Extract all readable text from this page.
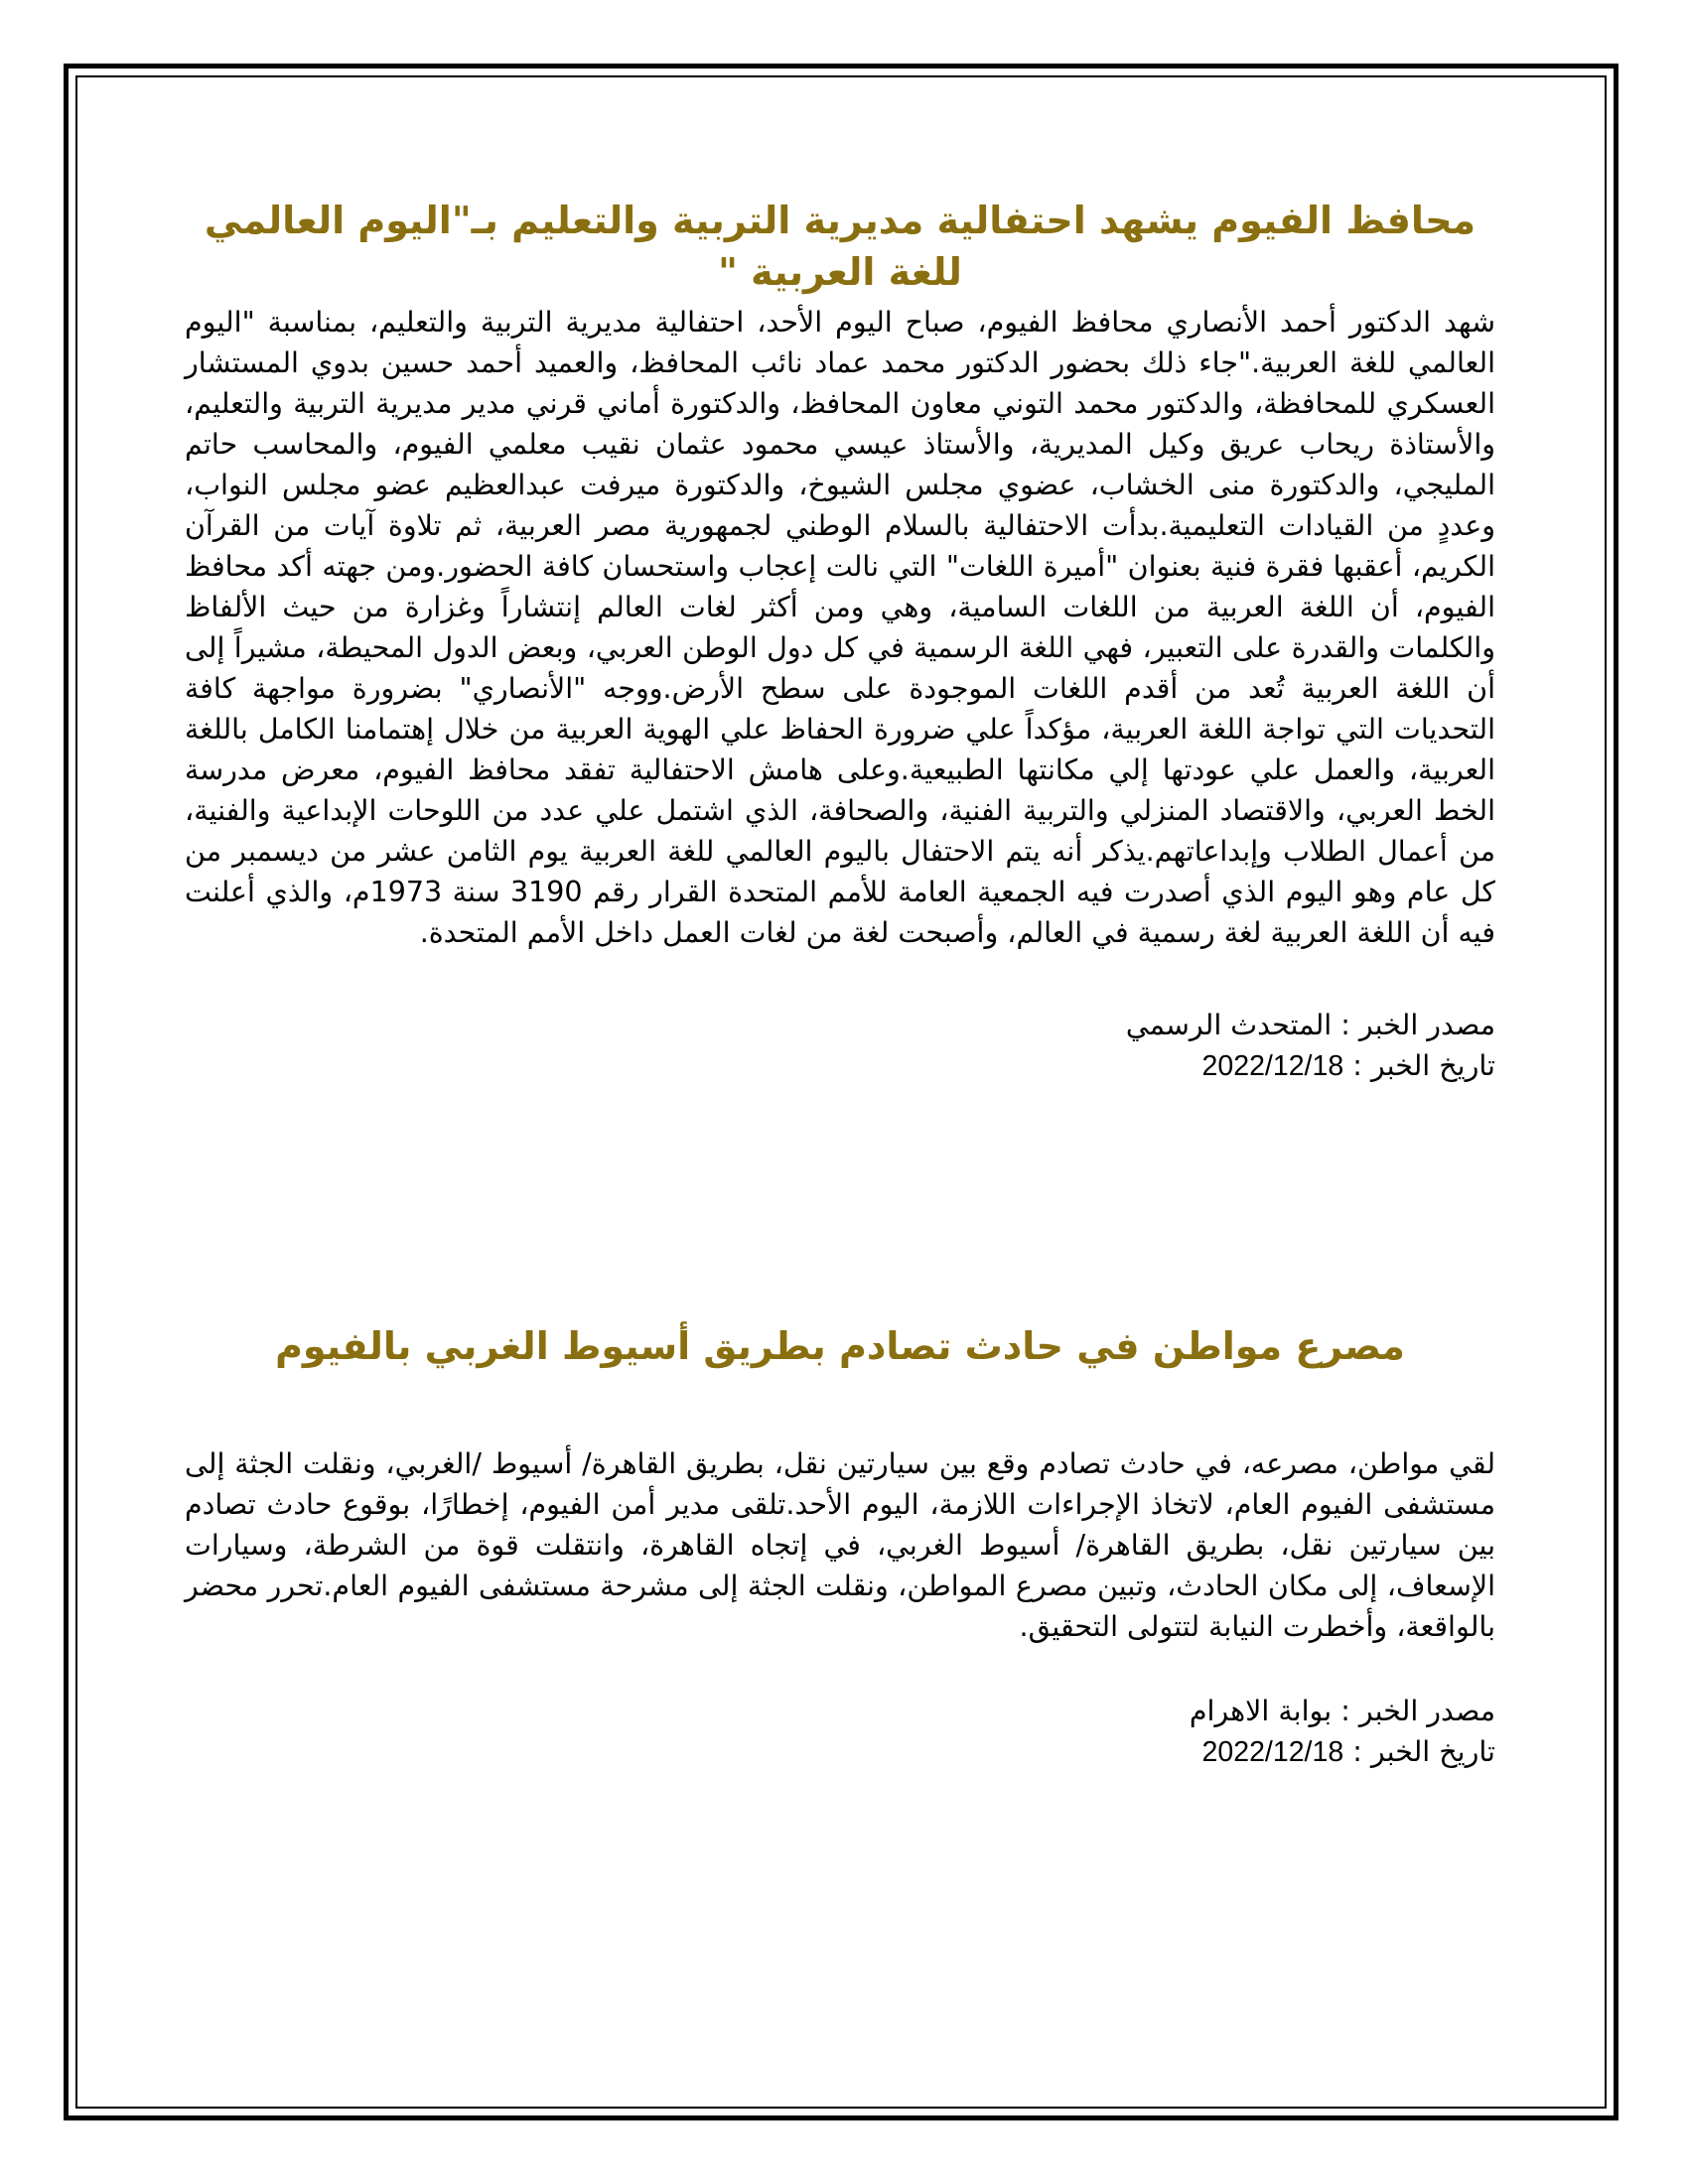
محافظ الفيوم يشهد احتفالية مديرية التربية والتعليم بـ"اليوم العالمي للغة العربية "

شهد الدكتور أحمد الأنصاري محافظ الفيوم، صباح اليوم الأحد، احتفالية مديرية التربية والتعليم، بمناسبة "اليوم العالمي للغة العربية."جاء ذلك بحضور الدكتور محمد عماد نائب المحافظ، والعميد أحمد حسين بدوي المستشار العسكري للمحافظة، والدكتور محمد التوني معاون المحافظ، والدكتورة أماني قرني مدير مديرية التربية والتعليم، والأستاذة ريحاب عريق وكيل المديرية، والأستاذ عيسي محمود عثمان نقيب معلمي الفيوم، والمحاسب حاتم المليجي، والدكتورة منى الخشاب، عضوي مجلس الشيوخ، والدكتورة ميرفت عبدالعظيم عضو مجلس النواب، وعددٍ من القيادات التعليمية.بدأت الاحتفالية بالسلام الوطني لجمهورية مصر العربية، ثم تلاوة آيات من القرآن الكريم، أعقبها فقرة فنية بعنوان "أميرة اللغات" التي نالت إعجاب واستحسان كافة الحضور.ومن جهته أكد محافظ الفيوم، أن اللغة العربية من اللغات السامية، وهي ومن أكثر لغات العالم إنتشاراً وغزارة من حيث الألفاظ والكلمات والقدرة على التعبير، فهي اللغة الرسمية في كل دول الوطن العربي، وبعض الدول المحيطة، مشيراً إلى أن اللغة العربية تُعد من أقدم اللغات الموجودة على سطح الأرض.ووجه "الأنصاري" بضرورة مواجهة كافة التحديات التي تواجة اللغة العربية، مؤكداً علي ضرورة الحفاظ علي الهوية العربية من خلال إهتمامنا الكامل باللغة العربية، والعمل علي عودتها إلي مكانتها الطبيعية.وعلى هامش الاحتفالية تفقد محافظ الفيوم، معرض مدرسة الخط العربي، والاقتصاد المنزلي والتربية الفنية، والصحافة، الذي اشتمل علي عدد من اللوحات الإبداعية والفنية، من أعمال الطلاب وإبداعاتهم.يذكر أنه يتم الاحتفال باليوم العالمي للغة العربية يوم الثامن عشر من ديسمبر من كل عام وهو اليوم الذي أصدرت فيه الجمعية العامة للأمم المتحدة القرار رقم 3190 سنة 1973م، والذي أعلنت فيه أن اللغة العربية لغة رسمية في العالم، وأصبحت لغة من لغات العمل داخل الأمم المتحدة.

مصدر الخبر : المتحدث الرسمي

تاريخ الخبر : 2022/12/18

مصرع مواطن في حادث تصادم بطريق أسيوط الغربي بالفيوم

لقي مواطن، مصرعه، في حادث تصادم وقع بين سيارتين نقل، بطريق القاهرة/ أسيوط /الغربي، ونقلت الجثة إلى مستشفى الفيوم العام، لاتخاذ الإجراءات اللازمة، اليوم الأحد.تلقى مدير أمن الفيوم، إخطارًا، بوقوع حادث تصادم بين سيارتين نقل، بطريق القاهرة/ أسيوط الغربي، في إتجاه القاهرة، وانتقلت قوة من الشرطة، وسيارات الإسعاف، إلى مكان الحادث، وتبين مصرع المواطن، ونقلت الجثة إلى مشرحة مستشفى الفيوم العام.تحرر محضر بالواقعة، وأخطرت النيابة لتتولى التحقيق.

مصدر الخبر : بوابة الاهرام

تاريخ الخبر : 2022/12/18
